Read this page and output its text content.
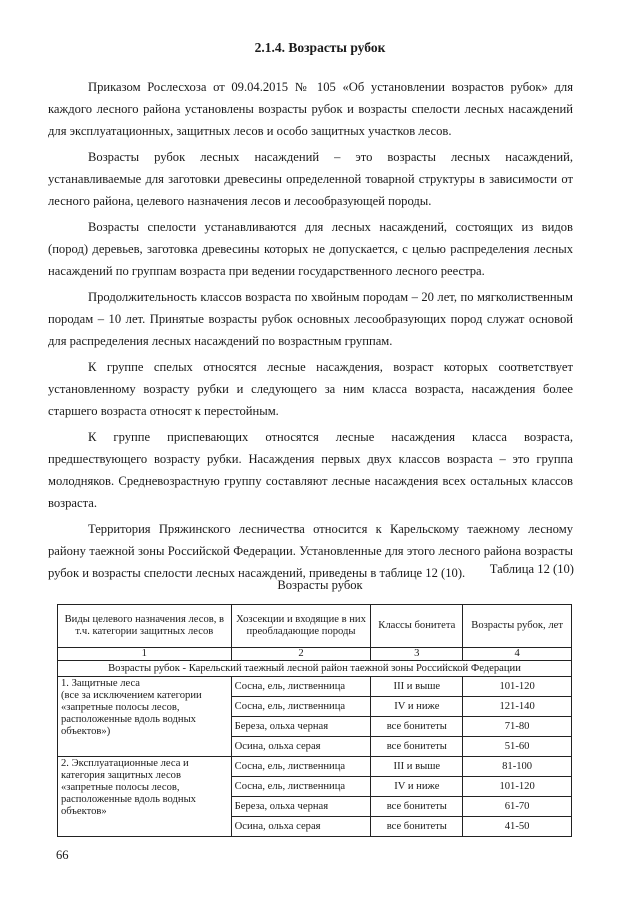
2.1.4. Возрасты рубок

Приказом Рослесхоза от 09.04.2015 № 105 «Об установлении возрастов рубок» для каждого лесного района установлены возрасты рубок и возрасты спелости лесных насаждений для эксплуатационных, защитных лесов и особо защитных участков лесов.

Возрасты рубок лесных насаждений – это возрасты лесных насаждений, устанавливаемые для заготовки древесины определенной товарной структуры в зависимости от лесного района, целевого назначения лесов и лесообразующей породы.

Возрасты спелости устанавливаются для лесных насаждений, состоящих из видов (пород) деревьев, заготовка древесины которых не допускается, с целью распределения лесных насаждений по группам возраста при ведении государственного лесного реестра.

Продолжительность классов возраста по хвойным породам – 20 лет, по мягколиственным породам – 10 лет. Принятые возрасты рубок основных лесообразующих пород служат основой для распределения лесных насаждений по возрастным группам.

К группе спелых относятся лесные насаждения, возраст которых соответствует установленному возрасту рубки и следующего за ним класса возраста, насаждения более старшего возраста относят к перестойным.

К группе приспевающих относятся лесные насаждения класса возраста, предшествующего возрасту рубки. Насаждения первых двух классов возраста – это группа молодняков. Средневозрастную группу составляют лесные насаждения всех остальных классов возраста.

Территория Пряжинского лесничества относится к Карельскому таежному лесному району таежной зоны Российской Федерации. Установленные для этого лесного района возрасты рубок и возрасты спелости лесных насаждений, приведены в таблице 12 (10).	Таблица 12 (10)
Возрасты рубок
Виды целевого назначения лесов, в т.ч. категории защитных лесов	Хозсекции и входящие в них преобладающие породы	Классы бонитета	Возрасты рубок, лет
1	2	3	4
Возрасты рубок - Карельский таежный лесной район таежной зоны Российской Федерации			
1. Защитные леса
(все за исключением категории «запретные полосы лесов, расположенные вдоль водных объектов»)	Сосна, ель, лиственница	III и выше	101-120
	Сосна, ель, лиственница	IV и ниже	121-140
	Береза, ольха черная	все бонитеты	71-80
	Осина, ольха серая	все бонитеты	51-60
2. Эксплуатационные леса и категория защитных лесов «запретные полосы лесов, расположенные вдоль водных объектов»	Сосна, ель, лиственница	III и выше	81-100
	Сосна, ель, лиственница	IV и ниже	101-120
	Береза, ольха черная	все бонитеты	61-70
	Осина, ольха серая	все бонитеты	41-50
66
